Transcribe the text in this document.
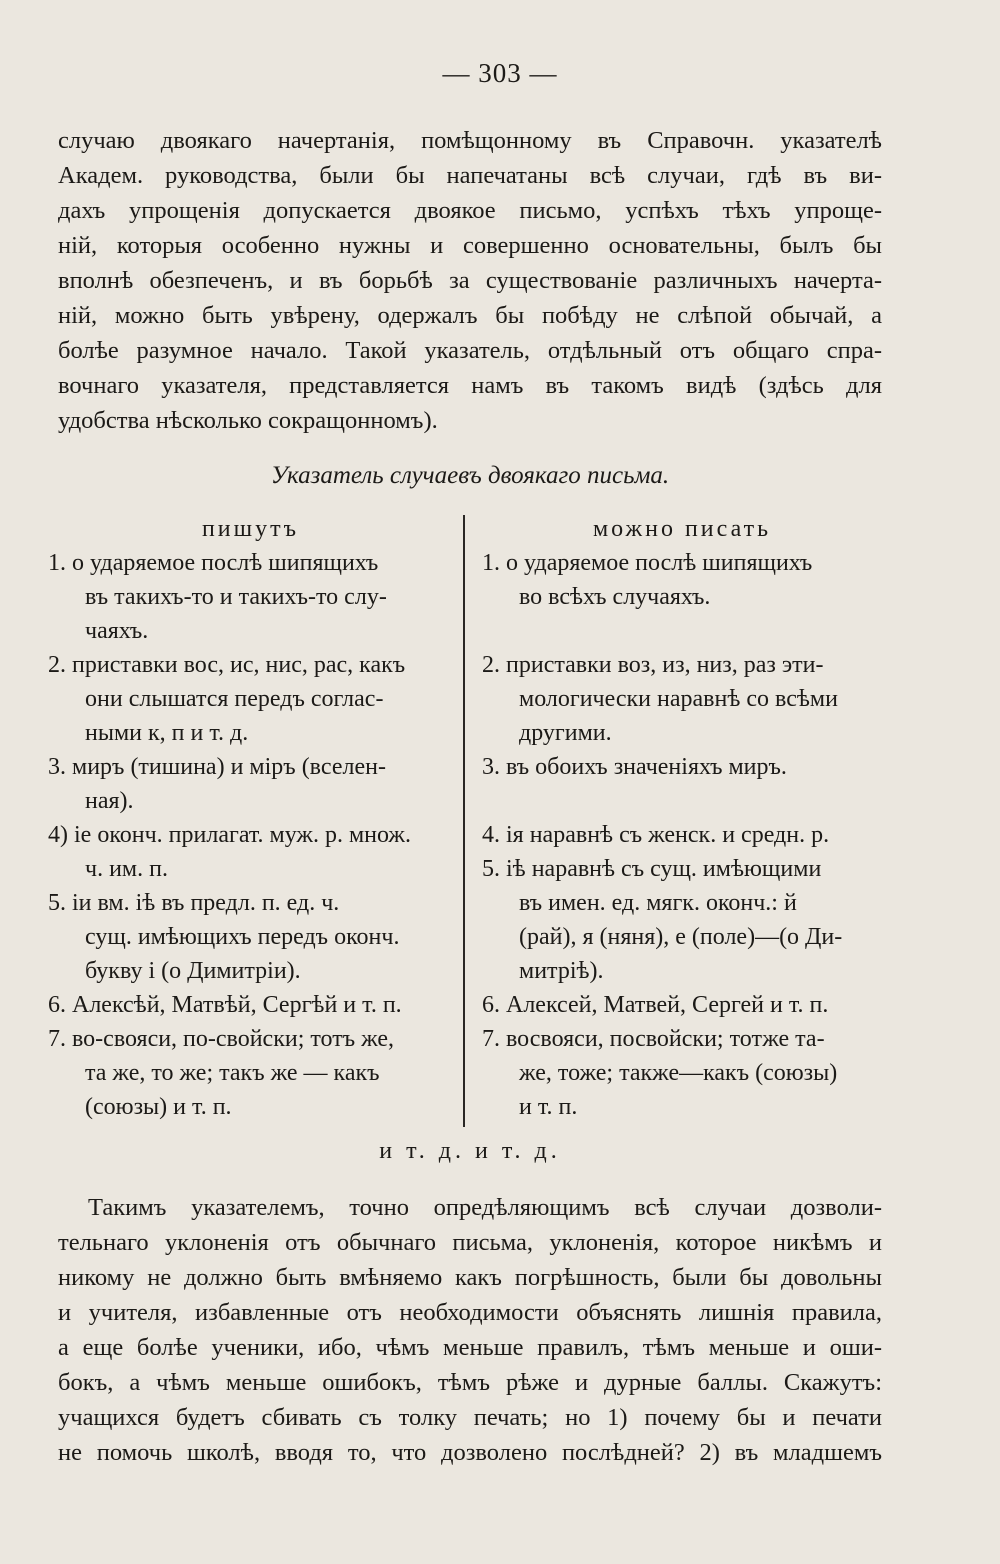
— 303 —
случаю двоякаго начертанія, помѣщонному въ Справочн. указателѣ
Академ. руководства, были бы напечатаны всѣ случаи, гдѣ въ ви-
дахъ упрощенія допускается двоякое письмо, успѣхъ тѣхъ упроще-
ній, которыя особенно нужны и совершенно основательны, былъ бы
вполнѣ обезпеченъ, и въ борьбѣ за существованіе различныхъ начерта-
ній, можно быть увѣрену, одержалъ бы побѣду не слѣпой обычай, а
болѣе разумное начало. Такой указатель, отдѣльный отъ общаго спра-
вочнаго указателя, представляется намъ въ такомъ видѣ (здѣсь для
удобства нѣсколько сокращонномъ).
Указатель случаевъ двоякаго письма.
пишутъ
1. о ударяемое послѣ шипящихъ
въ такихъ-то и такихъ-то слу-
чаяхъ.
2. приставки вос, ис, нис, рас, какъ
они слышатся передъ соглас-
ными к, п и т. д.
3. миръ (тишина) и міръ (вселен-
ная).
4) іе оконч. прилагат. муж. р. множ.
ч. им. п.
5. іи вм. іѣ въ предл. п. ед. ч.
сущ. имѣющихъ передъ оконч.
букву і (о Димитріи).
6. Алексѣй, Матвѣй, Сергѣй и т. п.
7. во-свояси, по-свойски; тотъ же,
та же, то же; такъ же — какъ
(союзы) и т. п.
можно писать
1. о ударяемое послѣ шипящихъ
во всѣхъ случаяхъ.
2. приставки воз, из, низ, раз эти-
мологически наравнѣ со всѣми
другими.
3. въ обоихъ значеніяхъ миръ.
4. ія наравнѣ съ женск. и средн. р.
5. іѣ наравнѣ съ сущ. имѣющими
въ имен. ед. мягк. оконч.: й
(рай), я (няня), е (поле)—(о Ди-
митріѣ).
6. Алексей, Матвей, Сергей и т. п.
7. восвояси, посвойски; тотже та-
же, тоже; также—какъ (союзы)
и т. п.
и т. д. и т. д.
Такимъ указателемъ, точно опредѣляющимъ всѣ случаи дозволи-
тельнаго уклоненія отъ обычнаго письма, уклоненія, которое никѣмъ и
никому не должно быть вмѣняемо какъ погрѣшность, были бы довольны
и учителя, избавленные отъ необходимости объяснять лишнія правила,
а еще болѣе ученики, ибо, чѣмъ меньше правилъ, тѣмъ меньше и оши-
бокъ, а чѣмъ меньше ошибокъ, тѣмъ рѣже и дурные баллы. Скажутъ:
учащихся будетъ сбивать съ толку печать; но 1) почему бы и печати
не помочь школѣ, вводя то, что дозволено послѣдней? 2) въ младшемъ
